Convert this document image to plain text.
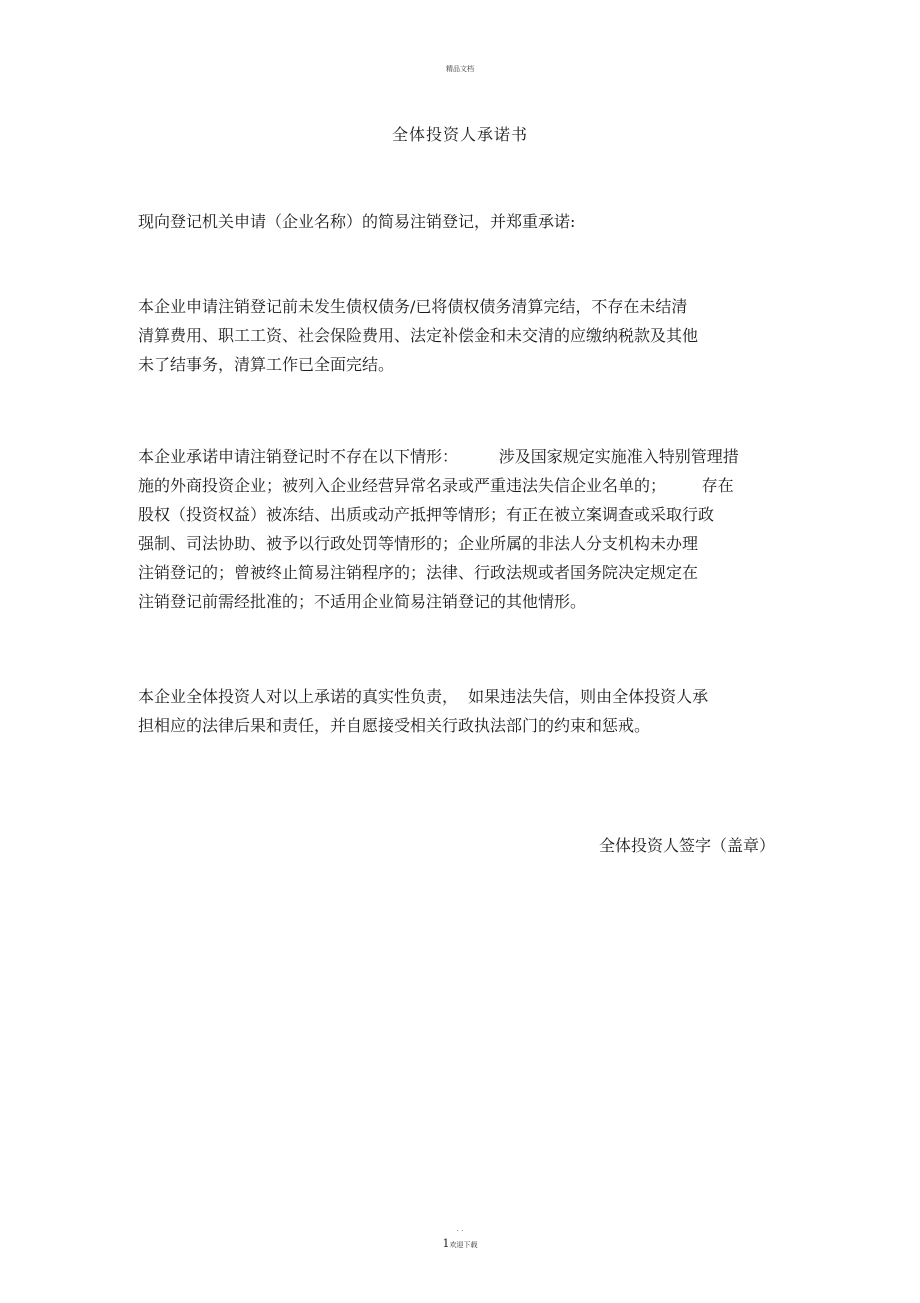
精品文档
全体投资人承诺书
现向登记机关申请（企业名称）的简易注销登记，并郑重承诺:
本企业申请注销登记前未发生债权债务/已将债权债务清算完结，不存在未结清
清算费用、职工工资、社会保险费用、法定补偿金和未交清的应缴纳税款及其他
未了结事务，清算工作已全面完结。
本企业承诺申请注销登记时不存在以下情形：        涉及国家规定实施准入特别管理措
施的外商投资企业；被列入企业经营异常名录或严重违法失信企业名单的；       存在
股权（投资权益）被冻结、出质或动产抵押等情形；有正在被立案调查或采取行政
强制、司法协助、被予以行政处罚等情形的；企业所属的非法人分支机构未办理
注销登记的；曾被终止简易注销程序的；法律、行政法规或者国务院决定规定在
注销登记前需经批准的；不适用企业简易注销登记的其他情形。
本企业全体投资人对以上承诺的真实性负责，  如果违法失信，则由全体投资人承
担相应的法律后果和责任，并自愿接受相关行政执法部门的约束和惩戒。
全体投资人签字（盖章）
. .
1欢迎下载
